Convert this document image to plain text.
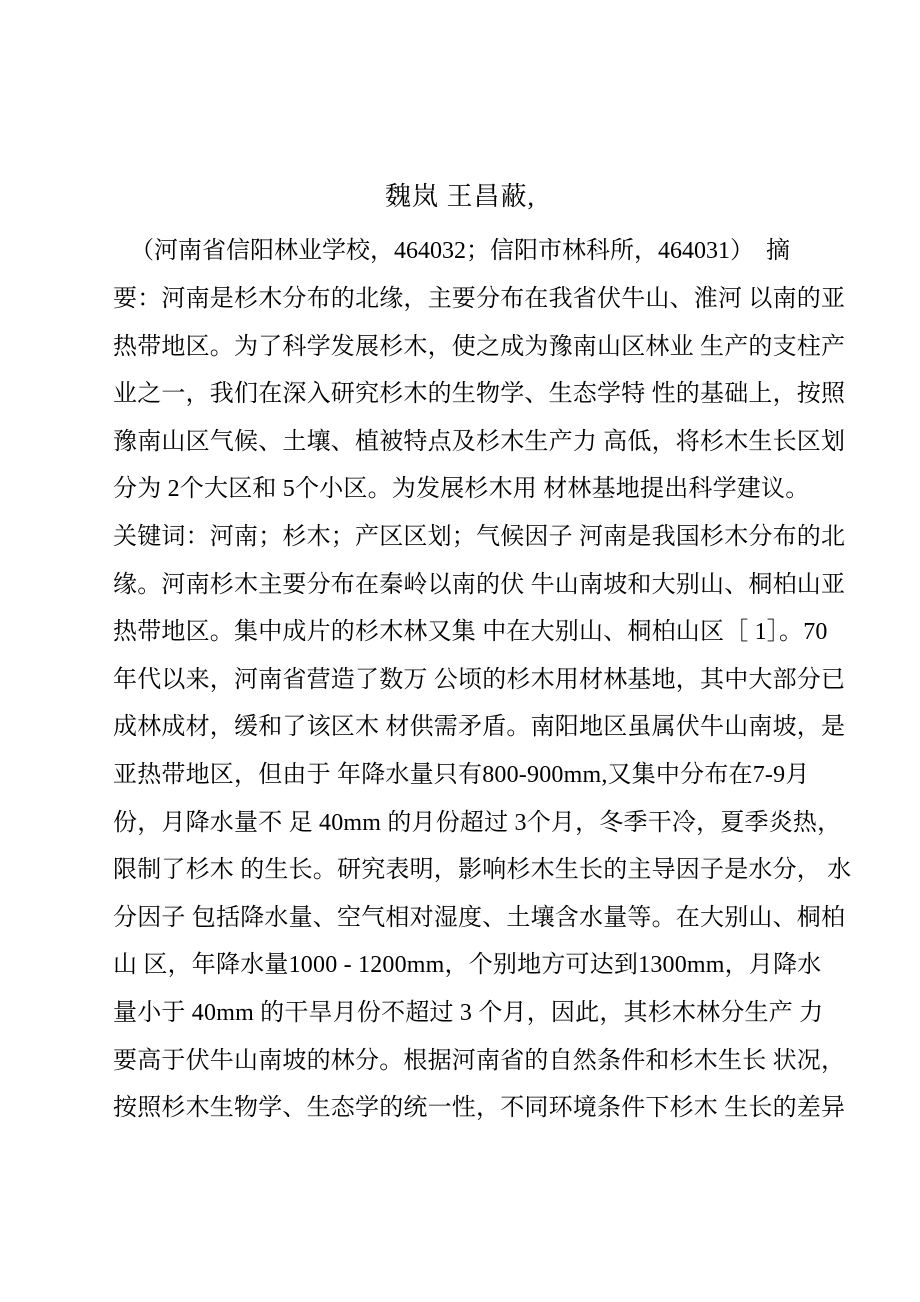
魏岚 王昌蔽,
（河南省信阳林业学校，464032；信阳市林科所，464031）  摘
要：河南是杉木分布的北缘，主要分布在我省伏牛山、淮河 以南的亚
热带地区。为了科学发展杉木，使之成为豫南山区林业 生产的支柱产
业之一，我们在深入研究杉木的生物学、生态学特 性的基础上，按照
豫南山区气候、土壤、植被特点及杉木生产力 高低，将杉木生长区划
分为 2个大区和 5个小区。为发展杉木用 材林基地提出科学建议。
关键词：河南；杉木；产区区划；气候因子 河南是我国杉木分布的北
缘。河南杉木主要分布在秦岭以南的伏 牛山南坡和大别山、桐柏山亚
热带地区。集中成片的杉木林又集 中在大别山、桐柏山区［ 1］。70
年代以来，河南省营造了数万 公顷的杉木用材林基地，其中大部分已
成林成材，缓和了该区木 材供需矛盾。南阳地区虽属伏牛山南坡，是
亚热带地区，但由于 年降水量只有800-900mm,又集中分布在7-9月
份，月降水量不 足 40mm 的月份超过 3个月，冬季干冷，夏季炎热，
限制了杉木 的生长。研究表明，影响杉木生长的主导因子是水分， 水
分因子 包括降水量、空气相对湿度、土壤含水量等。在大别山、桐柏
山 区，年降水量1000 - 1200mm，个别地方可达到1300mm，月降水
量小于 40mm 的干旱月份不超过 3 个月，因此，其杉木林分生产 力
要高于伏牛山南坡的林分。根据河南省的自然条件和杉木生长 状况，
按照杉木生物学、生态学的统一性，不同环境条件下杉木 生长的差异
